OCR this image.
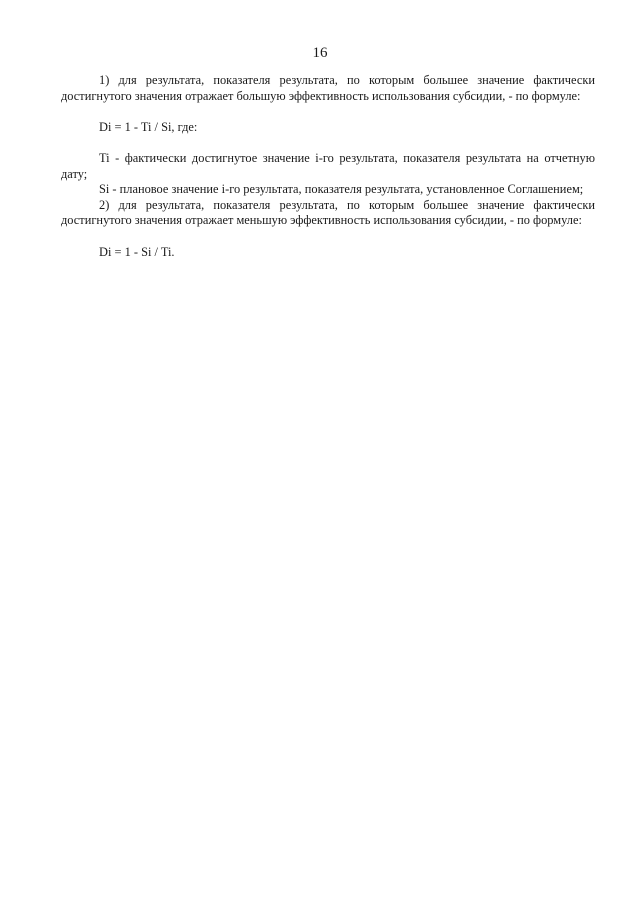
16

1) для результата, показателя результата, по которым большее значение фактически достигнутого значения отражает большую эффективность использования субсидии, - по формуле:

Di = 1 - Ti / Si, где:

Ti - фактически достигнутое значение i-го результата, показателя результата на отчетную дату;

Si - плановое значение i-го результата, показателя результата, установленное Соглашением;

2) для результата, показателя результата, по которым большее значение фактически достигнутого значения отражает меньшую эффективность использования субсидии, - по формуле:

Di = 1 - Si / Ti.
